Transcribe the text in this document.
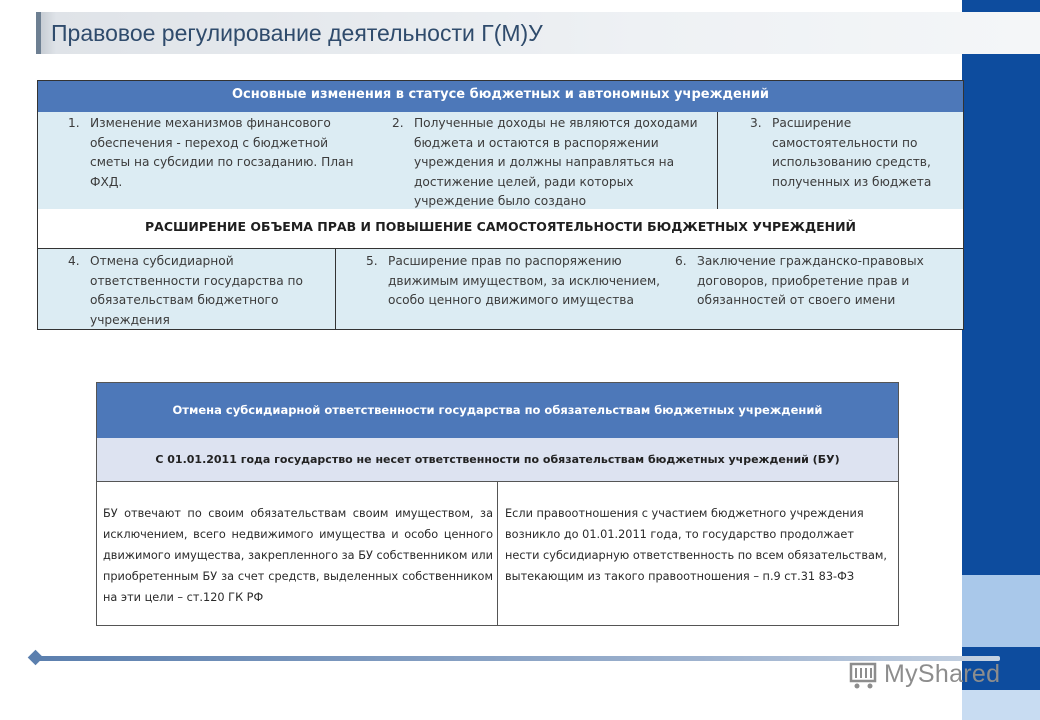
Правовое регулирование деятельности Г(М)У
Основные изменения в статусе бюджетных и автономных учреждений
1. Изменение механизмов финансового обеспечения - переход с бюджетной сметы на субсидии по госзаданию. План ФХД.
2. Полученные доходы не являются доходами бюджета и остаются в распоряжении учреждения и должны направляться на достижение целей, ради которых учреждение было создано
3. Расширение самостоятельности по использованию средств, полученных из бюджета
РАСШИРЕНИЕ ОБЪЕМА ПРАВ И ПОВЫШЕНИЕ САМОСТОЯТЕЛЬНОСТИ БЮДЖЕТНЫХ УЧРЕЖДЕНИЙ
4. Отмена субсидиарной ответственности государства по обязательствам бюджетного учреждения
5. Расширение прав по распоряжению движимым имуществом, за исключением, особо ценного движимого имущества
6. Заключение гражданско-правовых договоров, приобретение прав и обязанностей от своего имени
Отмена субсидиарной ответственности государства по обязательствам бюджетных учреждений
С 01.01.2011 года государство не несет ответственности по обязательствам бюджетных учреждений (БУ)
БУ отвечают по своим обязательствам своим имуществом, за исключением, всего недвижимого имущества и особо ценного движимого имущества, закрепленного за БУ собственником или приобретенным БУ за счет средств, выделенных собственником на эти цели – ст.120 ГК РФ
Если правоотношения с участием бюджетного учреждения возникло до 01.01.2011 года, то государство продолжает нести субсидиарную ответственность по всем обязательствам, вытекающим из такого правоотношения – п.9 ст.31 83-ФЗ
MyShared
